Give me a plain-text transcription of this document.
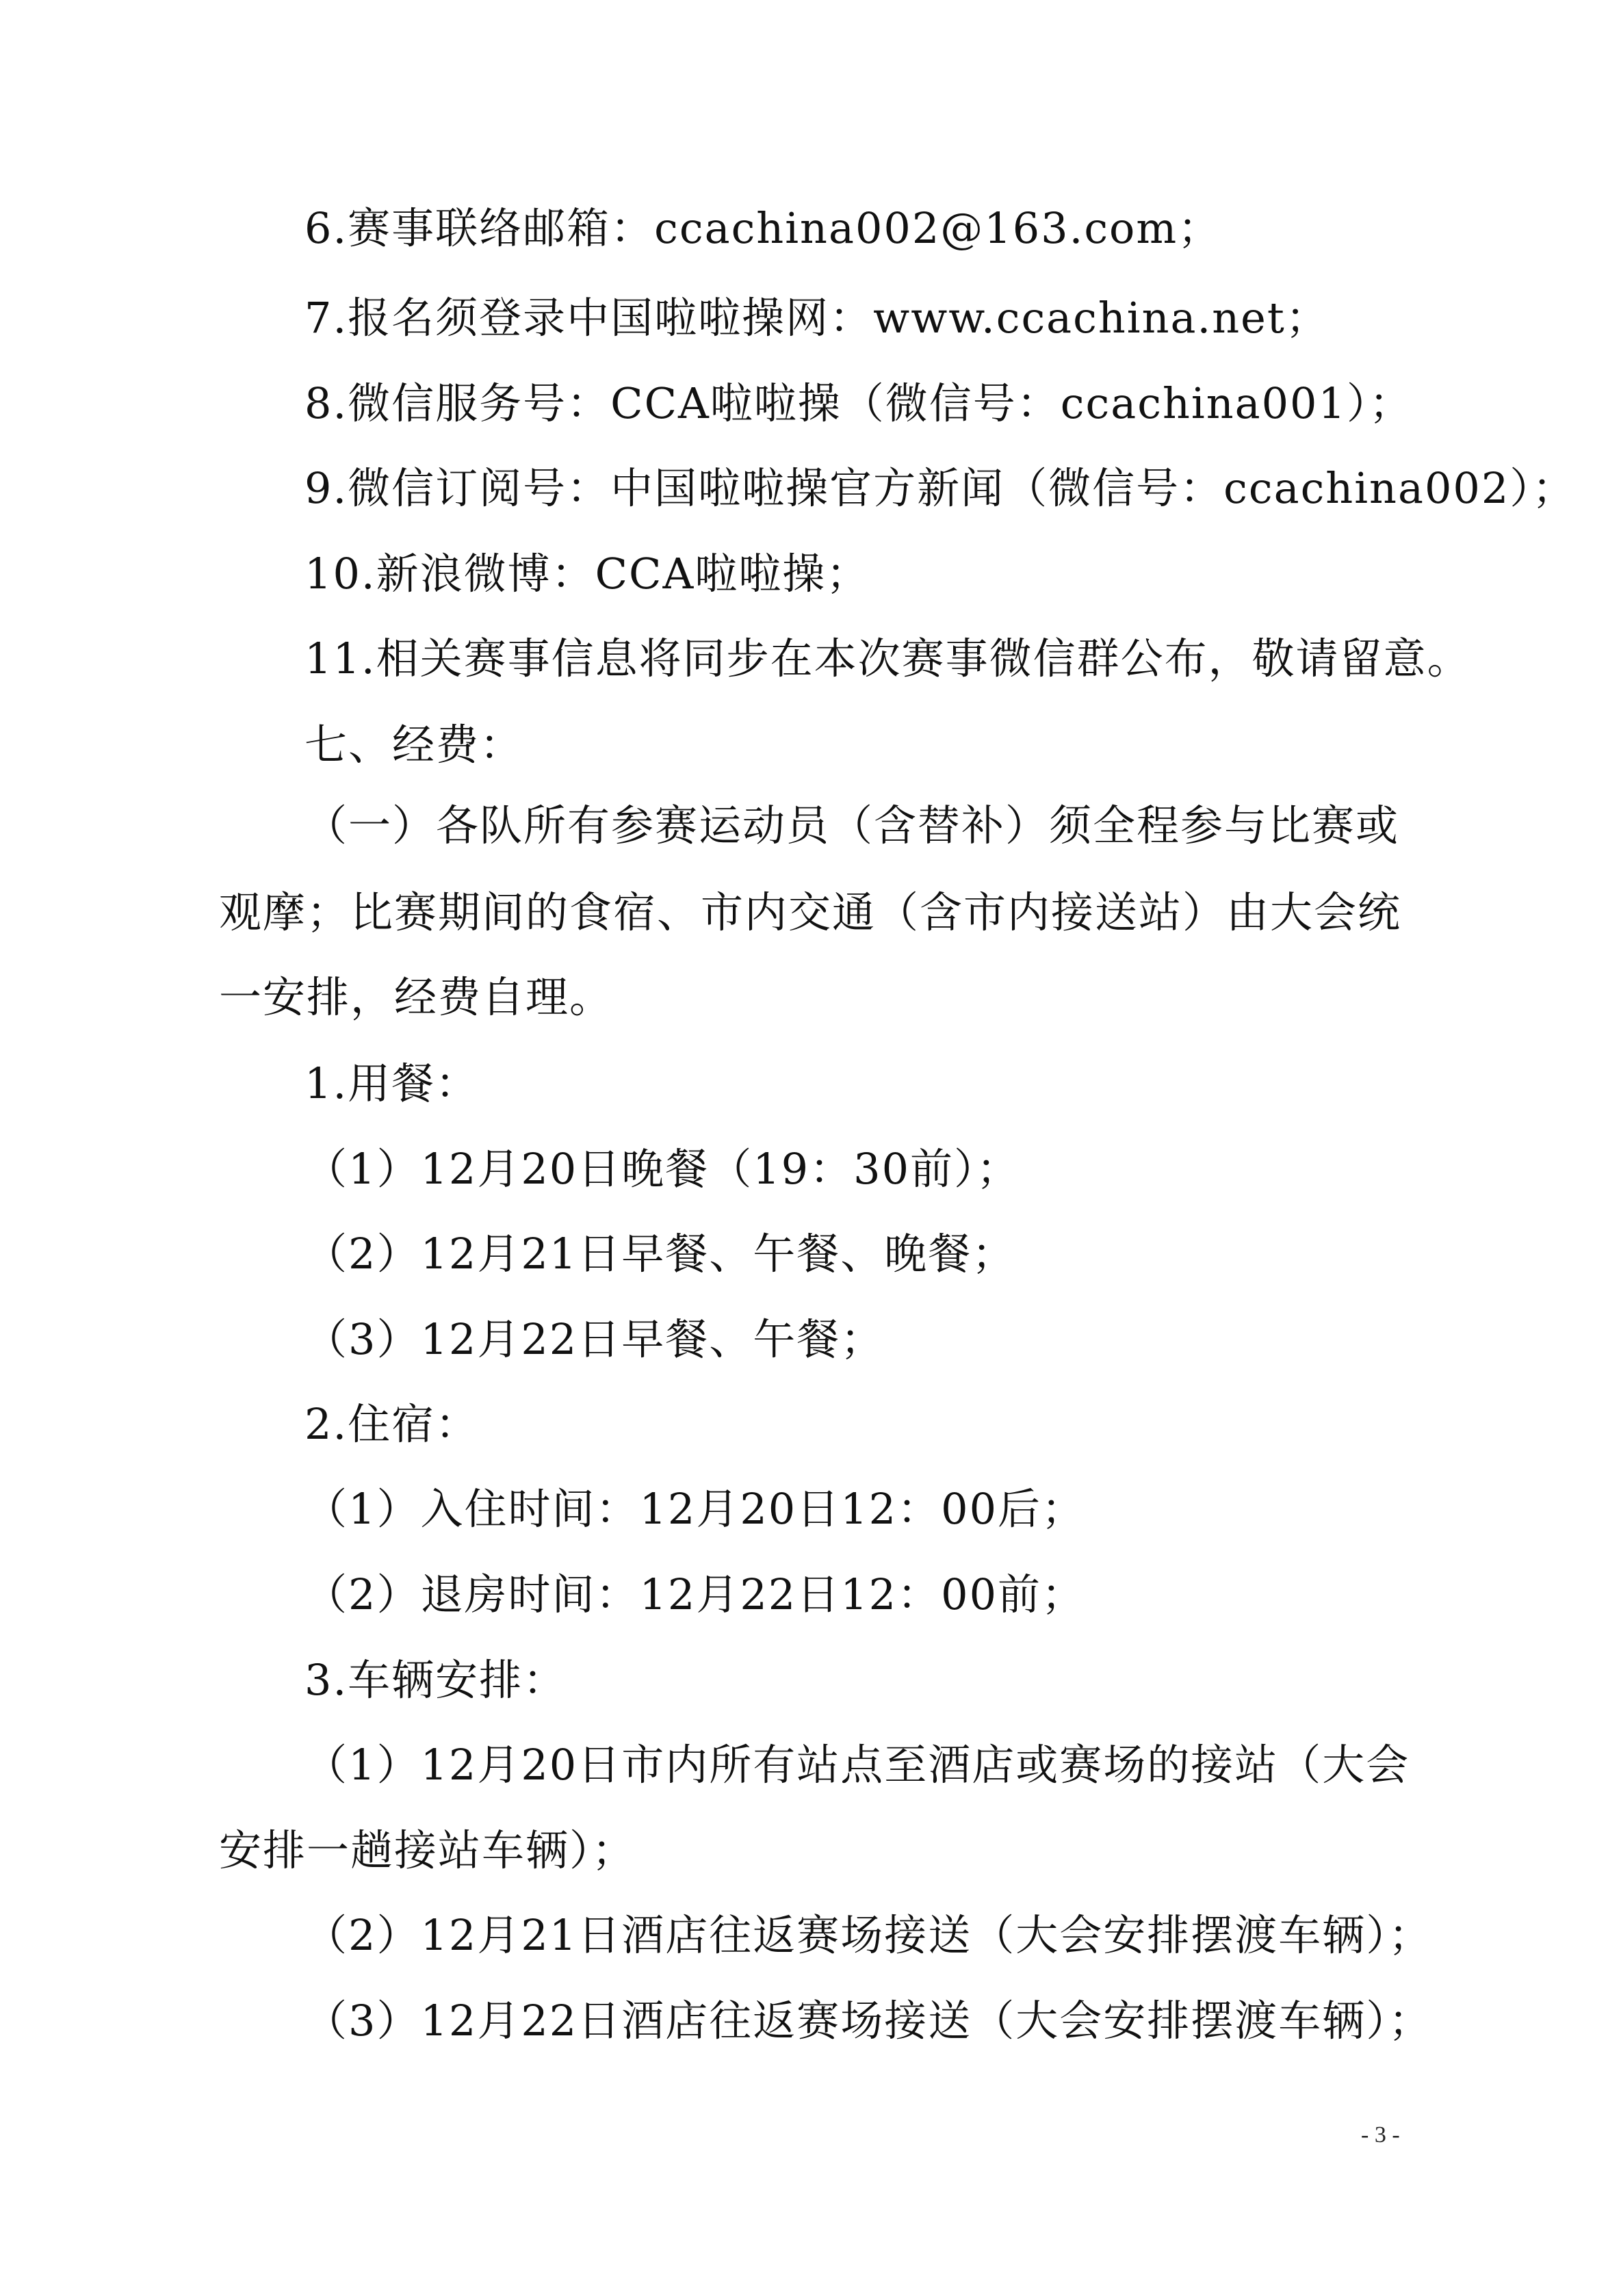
6.赛事联络邮箱：ccachina002@163.com；
7.报名须登录中国啦啦操网：www.ccachina.net；
8.微信服务号：CCA啦啦操（微信号：ccachina001）；
9.微信订阅号：中国啦啦操官方新闻（微信号：ccachina002）；
10.新浪微博：CCA啦啦操；
11.相关赛事信息将同步在本次赛事微信群公布，敬请留意。
七、经费：
（一）各队所有参赛运动员（含替补）须全程参与比赛或
观摩；比赛期间的食宿、市内交通（含市内接送站）由大会统
一安排，经费自理。
1.用餐：
（1）12月20日晚餐（19：30前）；
（2）12月21日早餐、午餐、晚餐；
（3）12月22日早餐、午餐；
2.住宿：
（1）入住时间：12月20日12：00后；
（2）退房时间：12月22日12：00前；
3.车辆安排：
（1）12月20日市内所有站点至酒店或赛场的接站（大会
安排一趟接站车辆）；
（2）12月21日酒店往返赛场接送（大会安排摆渡车辆）；
（3）12月22日酒店往返赛场接送（大会安排摆渡车辆）；
- 3 -
